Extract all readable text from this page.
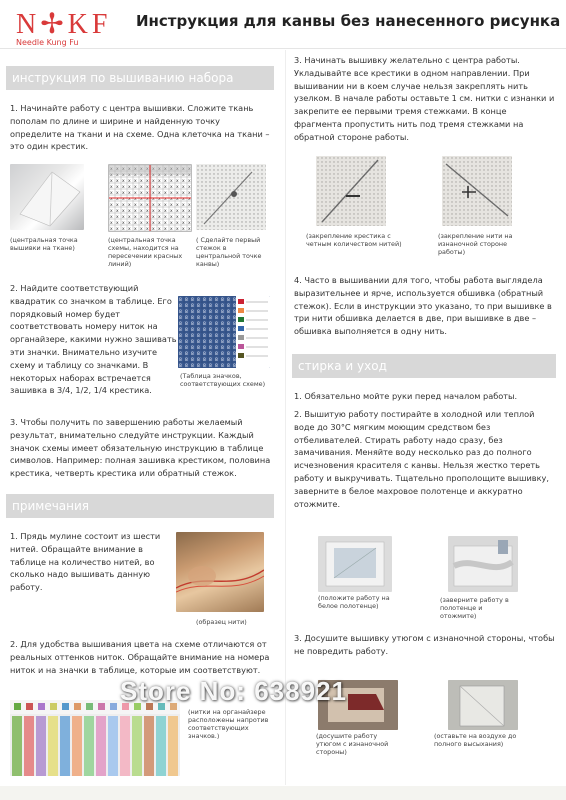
N✢KF
Needle Kung Fu
Инструкция для канвы без нанесенного рисунка
инструкция по вышиванию набора
1. Начинайте работу с центра вышивки. Сложите ткань пополам по длине и ширине и найденную точку определите на ткани и на схеме. Одна клеточка на ткани – это один крестик.
(центральная точка вышивки на ткане)
(центральная точка схемы, находится на пересечении красных линий)
( Сделайте первый стежок в центральной точке канвы)
2. Найдите соответствующий квадратик со значком в таблице. Его порядковый номер будет соответствовать номеру ниток на органайзере, какими нужно зашивать эти значки. Внимательно изучите схему и таблицу со значками. В некоторых наборах встречается зашивка в 3/4, 1/2, 1/4 крестика.
(Таблица значков, соответствующих схеме)
3. Чтобы получить по завершению работы желаемый результат, внимательно следуйте инструкции. Каждый значок схемы имеет обязательную инструкцию в таблице символов. Например: полная зашивка крестиком, половина крестика, четверть крестика или обратный стежок.
примечания
1. Прядь мулине состоит из шести нитей. Обращайте внимание в таблице на количество нитей, во сколько надо вышивать данную работу.
(образец нити)
2. Для удобства вышивания цвета на схеме отличаются от реальных оттенков ниток. Обращайте внимание на номера ниток и на значки в таблице, которые им соответствуют.
(нитки на органайзере расположены напротив соответствующих значков.)
3. Начинать вышивку желательно с центра работы. Укладывайте все крестики в одном направлении. При вышивании ни в коем случае нельзя закреплять нить узелком. В начале работы оставьте 1 см. нитки с изнанки и закрепите ее первыми тремя стежками. В конце фрагмента пропустить нить под тремя стежками на обратной стороне работы.
(закрепление крестика с четным количеством нитей)
(закрепление нити на изнаночной стороне работы)
4. Часто в вышивании для того, чтобы работа выглядела выразительнее и ярче, используется обшивка (обратный стежок). Если в инструкции это указано, то при вышивке в три нити обшивка делается в две, при вышивке в две – обшивка выполняется в одну нить.
стирка и уход
1. Обязательно мойте руки перед началом работы.
2. Вышитую работу постирайте в холодной или теплой воде до 30°C мягким моющим средством без отбеливателей. Стирать работу надо сразу, без замачивания. Меняйте воду несколько раз до полного исчезновения красителя с канвы. Нельзя жестко тереть работу и выкручивать. Тщательно прополощите вышивку, заверните в белое махровое полотенце и аккуратно отожмите.
(положите работу на белое полотенце)
(заверните работу в полотенце и отожмите)
3. Досушите вышивку утюгом с изнаночной стороны, чтобы не повредить работу.
(досушите работу утюгом с изнаночной стороны)
(оставьте на воздухе до полного высыхания)
Store No: 638921
